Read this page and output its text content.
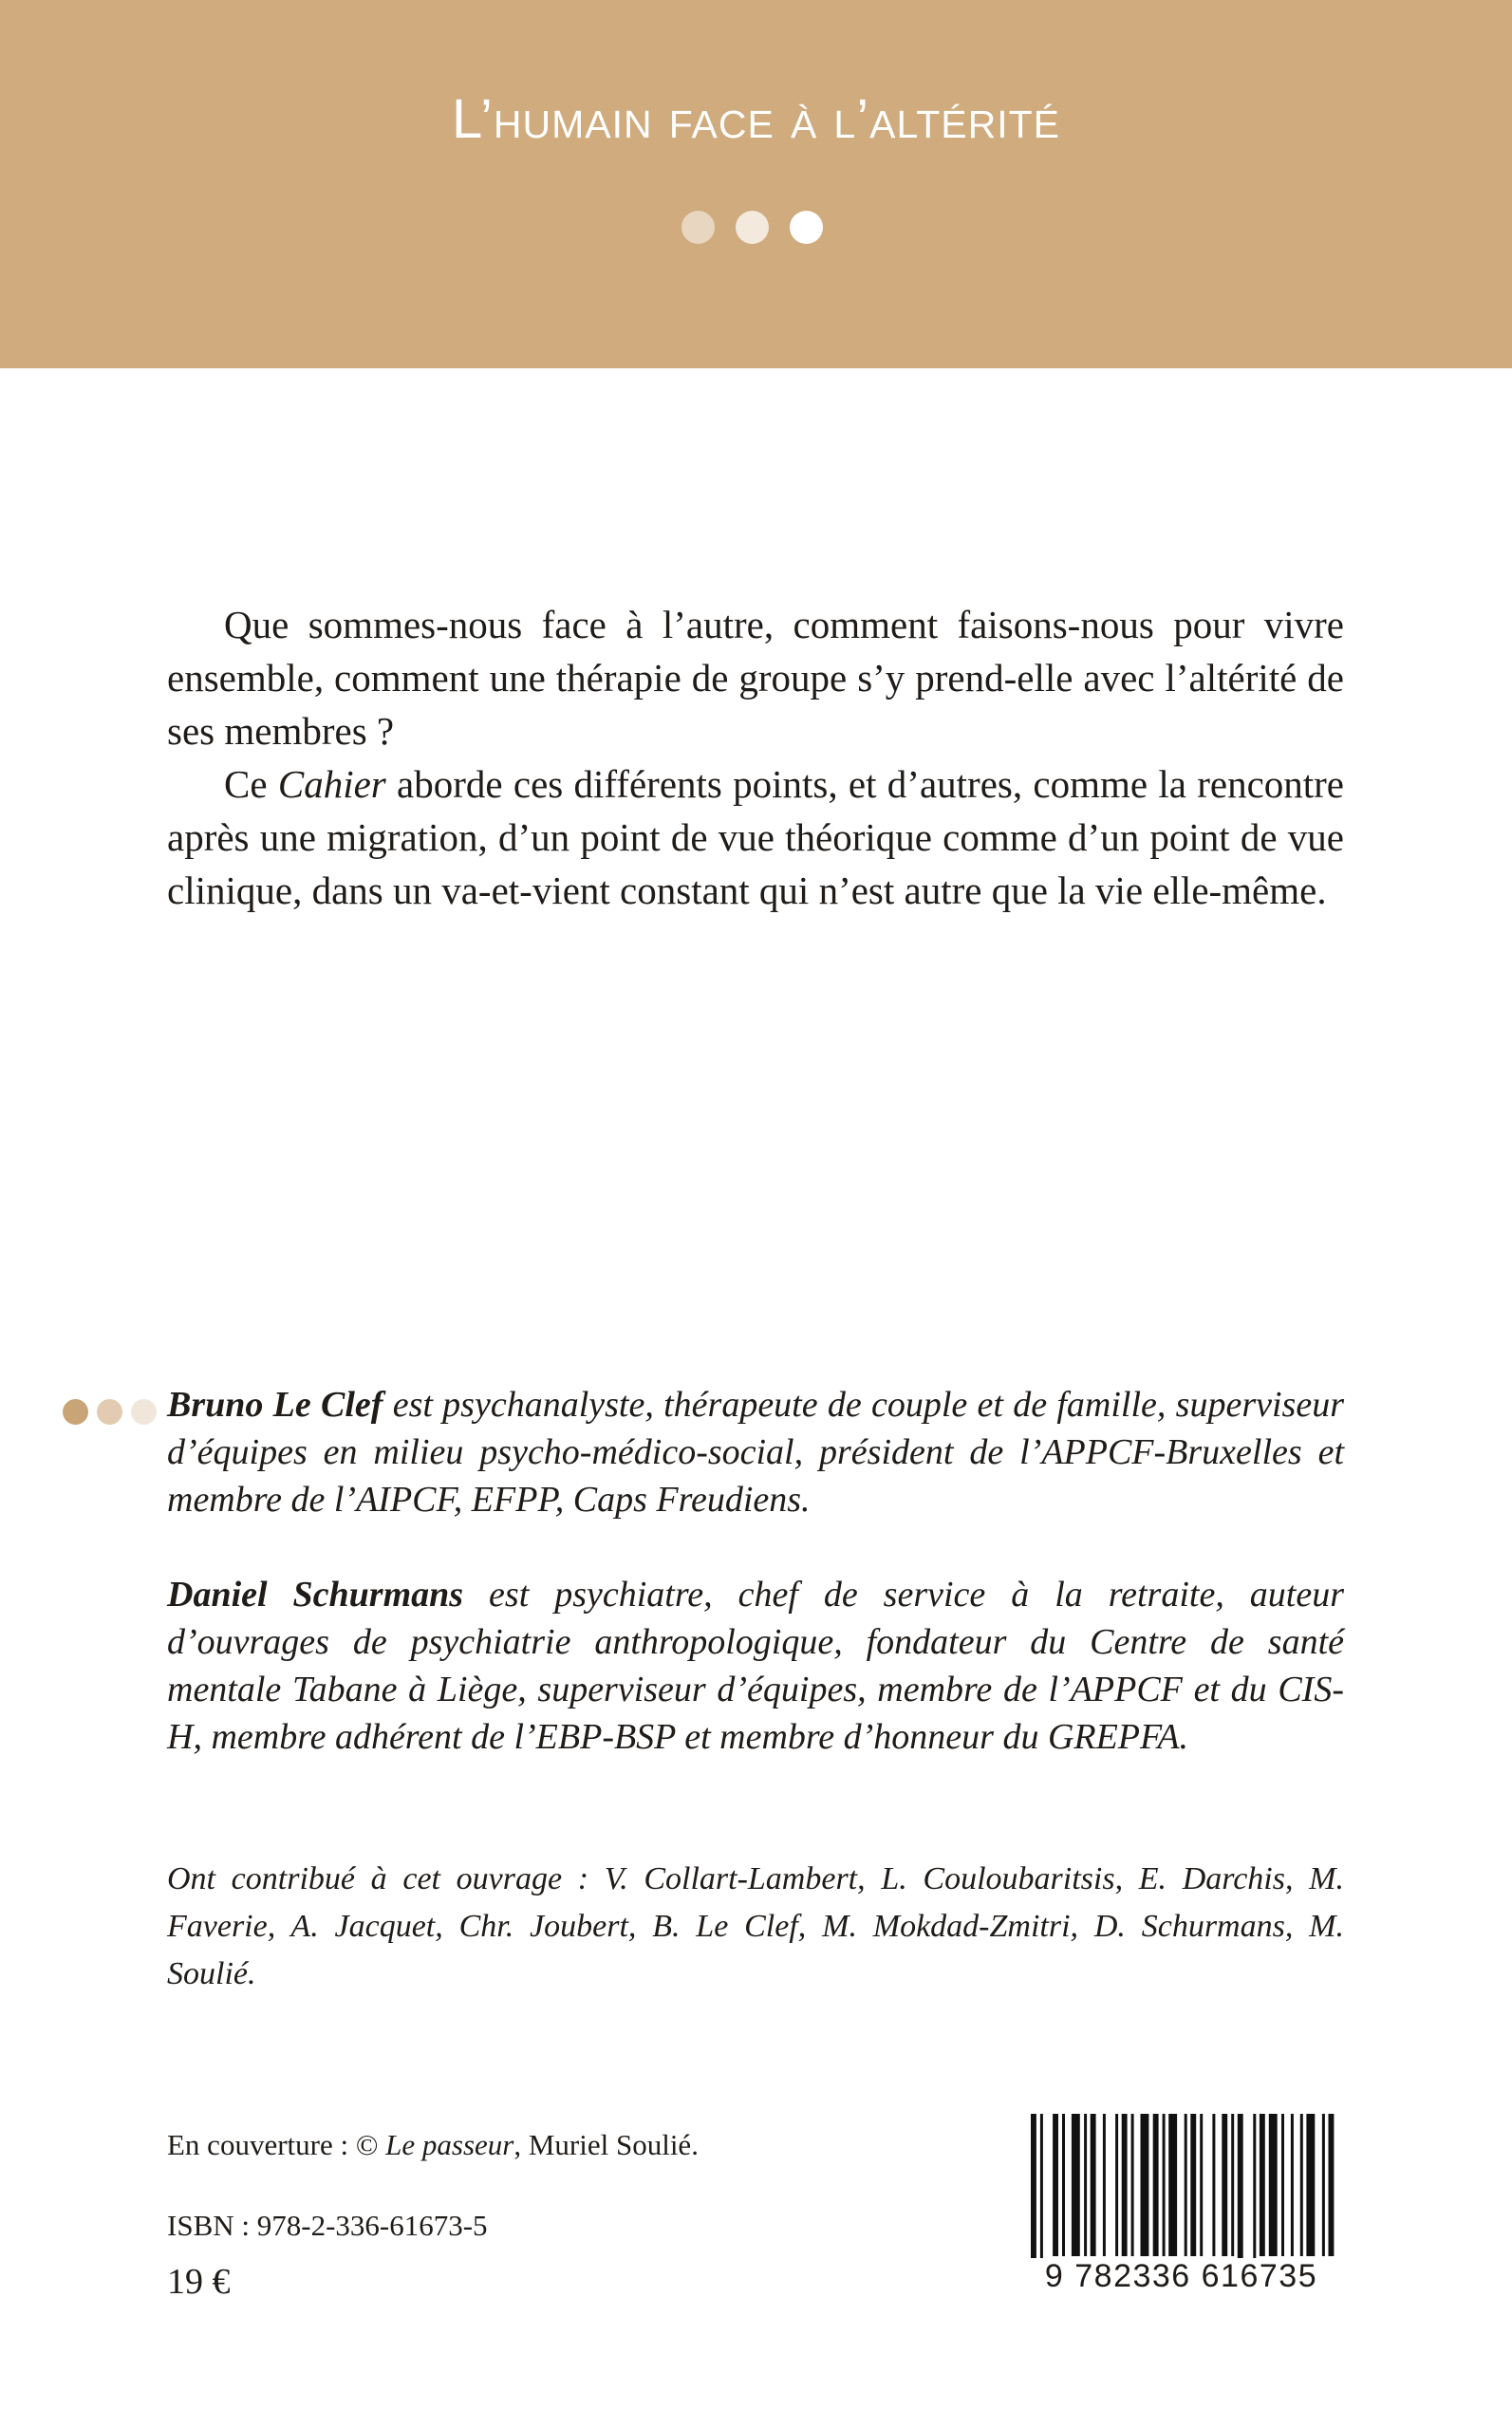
L’humain face à l’altérité

Que sommes-nous face à l’autre, comment faisons-nous pour vivre ensemble, comment une thérapie de groupe s’y prend-elle avec l’altérité de ses membres ?

Ce Cahier aborde ces différents points, et d’autres, comme la rencontre après une migration, d’un point de vue théorique comme d’un point de vue clinique, dans un va-et-vient constant qui n’est autre que la vie elle-même.

Bruno Le Clef est psychanalyste, thérapeute de couple et de famille, superviseur d’équipes en milieu psycho-médico-social, président de l’APPCF-Bruxelles et membre de l’AIPCF, EFPP, Caps Freudiens.

Daniel Schurmans est psychiatre, chef de service à la retraite, auteur d’ouvrages de psychiatrie anthropologique, fondateur du Centre de santé mentale Tabane à Liège, superviseur d’équipes, membre de l’APPCF et du CIS-H, membre adhérent de l’EBP-BSP et membre d’honneur du GREPFA.

Ont contribué à cet ouvrage : V. Collart-Lambert, L. Couloubaritsis, E. Darchis, M. Faverie, A. Jacquet, Chr. Joubert, B. Le Clef, M. Mokdad-Zmitri, D. Schurmans, M. Soulié.
En couverture : © Le passeur, Muriel Soulié.
ISBN : 978-2-336-61673-5
19 €	9 782336 616735
